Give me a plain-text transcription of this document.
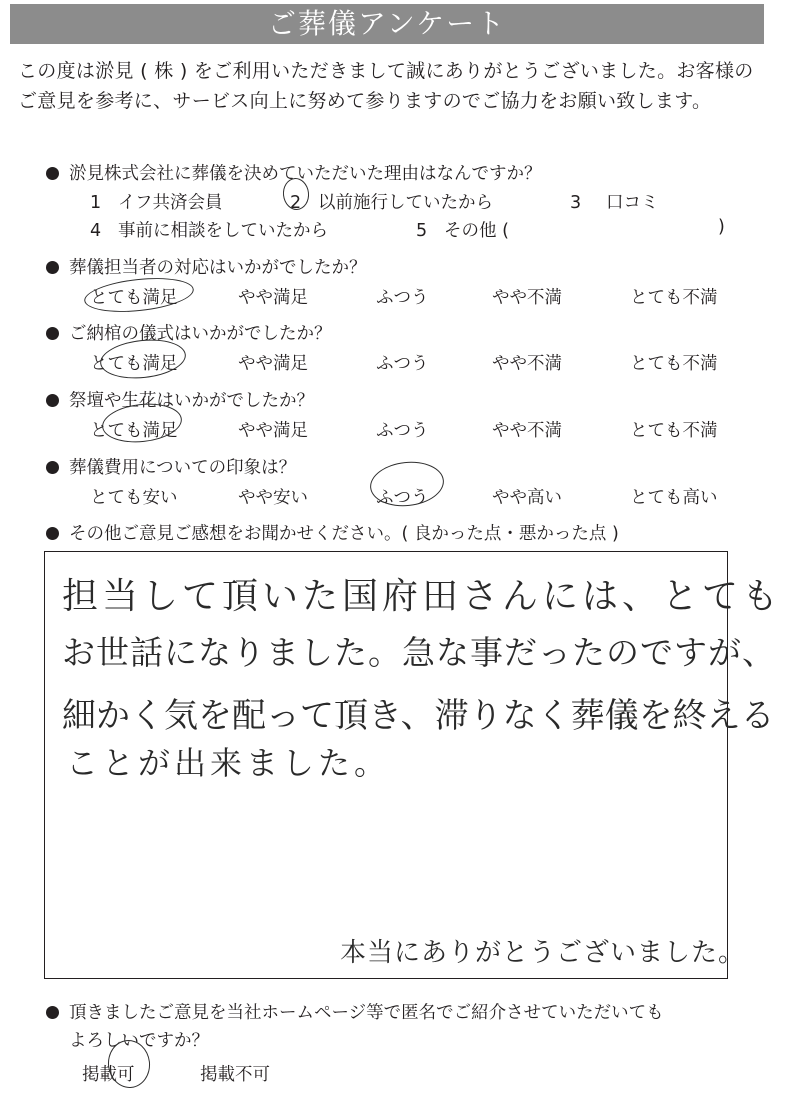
ご葬儀アンケート
この度は淤見 ( 株 ) をご利用いただきまして誠にありがとうございました。お客様のご意見を参考に、サービス向上に努めて参りますのでご協力をお願い致します。
淤見株式会社に葬儀を決めていただいた理由はなんですか？
1 イフ共済会員	2 以前施行していたから	3 口コミ
4 事前に相談をしていたから	5 その他 (	)
葬儀担当者の対応はいかがでしたか？
とても満足	やや満足	ふつう	やや不満	とても不満
ご納棺の儀式はいかがでしたか？
とても満足	やや満足	ふつう	やや不満	とても不満
祭壇や生花はいかがでしたか？
とても満足	やや満足	ふつう	やや不満	とても不満
葬儀費用についての印象は？
とても安い	やや安い	ふつう	やや高い	とても高い
その他ご意見ご感想をお聞かせください。( 良かった点・悪かった点 )
担当して頂いた国府田さんには、とても
お世話になりました。急な事だったのですが、
細かく気を配って頂き、滞りなく葬儀を終える
ことが出来ました。
本当にありがとうございました。
頂きましたご意見を当社ホームページ等で匿名でご紹介させていただいても
よろしいですか？
掲載可	掲載不可
